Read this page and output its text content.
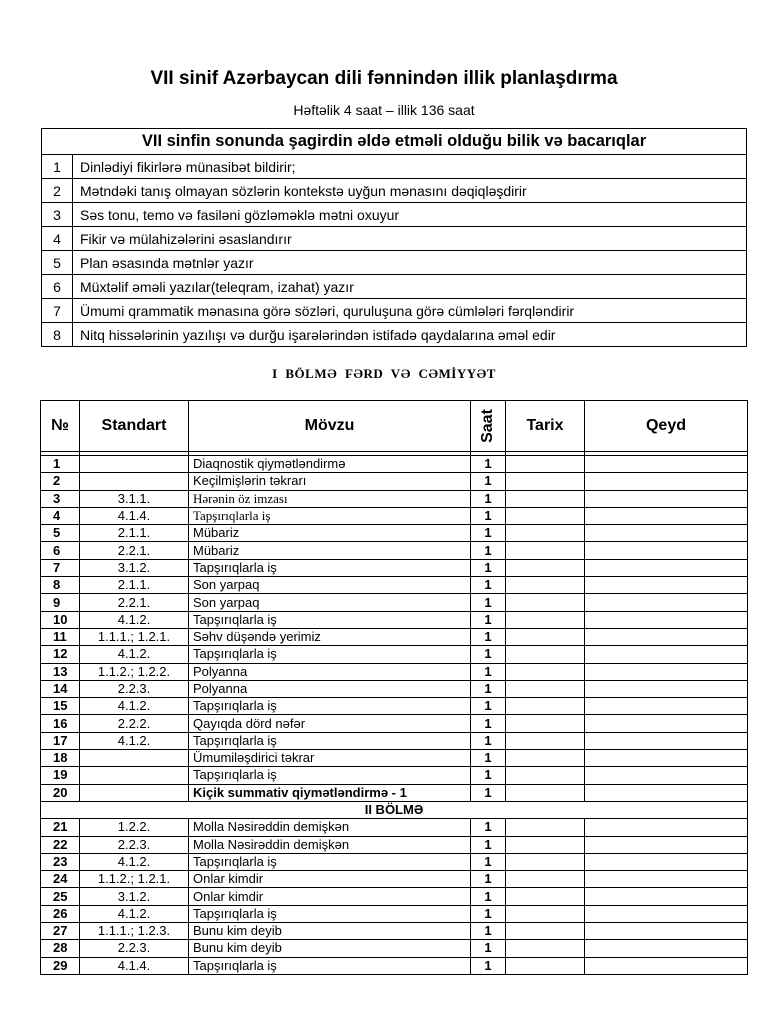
VII sinif Azərbaycan dili fənnindən illik planlaşdırma
Həftəlik 4 saat – illik 136 saat
VII sinfin sonunda şagirdin əldə etməli olduğu bilik və bacarıqlar	
1	Dinlədiyi fikirlərə münasibət bildirir;
2	Mətndəki tanış olmayan sözlərin kontekstə uyğun mənasını dəqiqləşdirir
3	Səs tonu, temo və fasiləni gözləməklə mətni oxuyur
4	Fikir və mülahizələrini əsaslandırır
5	Plan əsasında mətnlər yazır
6	Müxtəlif əməli yazılar(teleqram, izahat) yazır
7	Ümumi qrammatik mənasına görə sözləri, quruluşuna görə cümlələri fərqləndirir
8	Nitq hissələrinin yazılışı və durğu işarələrindən istifadə qaydalarına əməl edir
I BÖLMƏ FƏRD VƏ CƏMİYYƏT
№	Standart	Mövzu	Saat	Tarix	Qeyd

1		Diaqnostik qiymətləndirmə	1		
2		Keçilmişlərin təkrarı	1		
3	3.1.1.	Hərənin öz imzası	1		
4	4.1.4.	Tapşırıqlarla iş	1		
5	2.1.1.	Mübariz	1		
6	2.2.1.	Mübariz	1		
7	3.1.2.	Tapşırıqlarla iş	1		
8	2.1.1.	Son yarpaq	1		
9	2.2.1.	Son yarpaq	1		
10	4.1.2.	Tapşırıqlarla iş	1		
11	1.1.1.; 1.2.1.	Səhv düşəndə yerimiz	1		
12	4.1.2.	Tapşırıqlarla iş	1		
13	1.1.2.; 1.2.2.	Polyanna	1		
14	2.2.3.	Polyanna	1		
15	4.1.2.	Tapşırıqlarla iş	1		
16	2.2.2.	Qayıqda dörd nəfər	1		
17	4.1.2.	Tapşırıqlarla iş	1		
18		Ümumiləşdirici təkrar	1		
19		Tapşırıqlarla iş	1		
20		Kiçik summativ qiymətləndirmə - 1	1		
II BÖLMƏ					
21	1.2.2.	Molla Nəsirəddin demişkən	1		
22	2.2.3.	Molla Nəsirəddin demişkən	1		
23	4.1.2.	Tapşırıqlarla iş	1		
24	1.1.2.; 1.2.1.	Onlar kimdir	1		
25	3.1.2.	Onlar kimdir	1		
26	4.1.2.	Tapşırıqlarla iş	1		
27	1.1.1.; 1.2.3.	Bunu kim deyib	1		
28	2.2.3.	Bunu kim deyib	1		
29	4.1.4.	Tapşırıqlarla iş	1		
